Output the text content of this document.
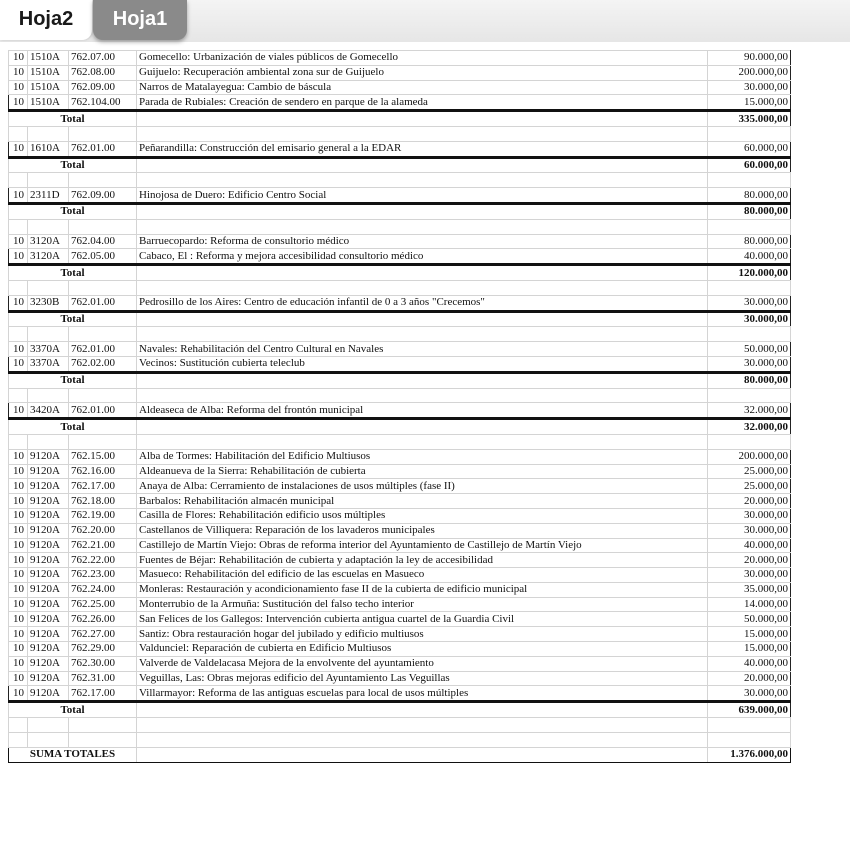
Hoja2	Hoja1
10	1510A	762.07.00	Gomecello: Urbanización de viales públicos de Gomecello	90.000,00
10	1510A	762.08.00	Guijuelo: Recuperación ambiental zona sur de Guijuelo	200.000,00
10	1510A	762.09.00	Narros de Matalayegua: Cambio de báscula	30.000,00
10	1510A	762.104.00	Parada de Rubiales: Creación de sendero en parque de la alameda	15.000,00
Total				335.000,00

10	1610A	762.01.00	Peñarandilla: Construcción del emisario general a la EDAR	60.000,00
Total				60.000,00

10	2311D	762.09.00	Hinojosa de Duero: Edificio Centro Social	80.000,00
Total				80.000,00

10	3120A	762.04.00	Barruecopardo: Reforma de consultorio médico	80.000,00
10	3120A	762.05.00	Cabaco, El : Reforma y mejora accesibilidad consultorio médico	40.000,00
Total				120.000,00

10	3230B	762.01.00	Pedrosillo de los Aires: Centro de educación infantil de 0 a 3 años "Crecemos"	30.000,00
Total				30.000,00

10	3370A	762.01.00	Navales: Rehabilitación del Centro Cultural en Navales	50.000,00
10	3370A	762.02.00	Vecinos: Sustitución cubierta teleclub	30.000,00
Total				80.000,00

10	3420A	762.01.00	Aldeaseca de Alba: Reforma del frontón municipal	32.000,00
Total				32.000,00

10	9120A	762.15.00	Alba de Tormes: Habilitación del Edificio Multiusos	200.000,00
10	9120A	762.16.00	Aldeanueva de la Sierra: Rehabilitación de cubierta	25.000,00
10	9120A	762.17.00	Anaya de Alba: Cerramiento de instalaciones de usos múltiples (fase II)	25.000,00
10	9120A	762.18.00	Barbalos: Rehabilitación almacén municipal	20.000,00
10	9120A	762.19.00	Casilla de Flores: Rehabilitación edificio usos múltiples	30.000,00
10	9120A	762.20.00	Castellanos de Villiquera: Reparación de los lavaderos municipales	30.000,00
10	9120A	762.21.00	Castillejo de Martín Viejo: Obras de reforma interior del Ayuntamiento de Castillejo de Martín Viejo	40.000,00
10	9120A	762.22.00	Fuentes de Béjar: Rehabilitación de cubierta y adaptación la ley de accesibilidad	20.000,00
10	9120A	762.23.00	Masueco: Rehabilitación del edificio de las escuelas en Masueco	30.000,00
10	9120A	762.24.00	Monleras: Restauración y acondicionamiento fase II de la cubierta de edificio municipal	35.000,00
10	9120A	762.25.00	Monterrubio de la Armuña: Sustitución del falso techo interior	14.000,00
10	9120A	762.26.00	San Felices de los Gallegos: Intervención cubierta antigua cuartel de la Guardia Civil	50.000,00
10	9120A	762.27.00	Santiz: Obra restauración hogar del jubilado y edificio multiusos	15.000,00
10	9120A	762.29.00	Valdunciel: Reparación de cubierta en Edificio Multiusos	15.000,00
10	9120A	762.30.00	Valverde de Valdelacasa Mejora de la envolvente del ayuntamiento	40.000,00
10	9120A	762.31.00	Veguillas, Las: Obras mejoras edificio del Ayuntamiento Las Veguillas	20.000,00
10	9120A	762.17.00	Villarmayor: Reforma de las antiguas escuelas para local de usos múltiples	30.000,00
Total				639.000,00

SUMA TOTALES				1.376.000,00
